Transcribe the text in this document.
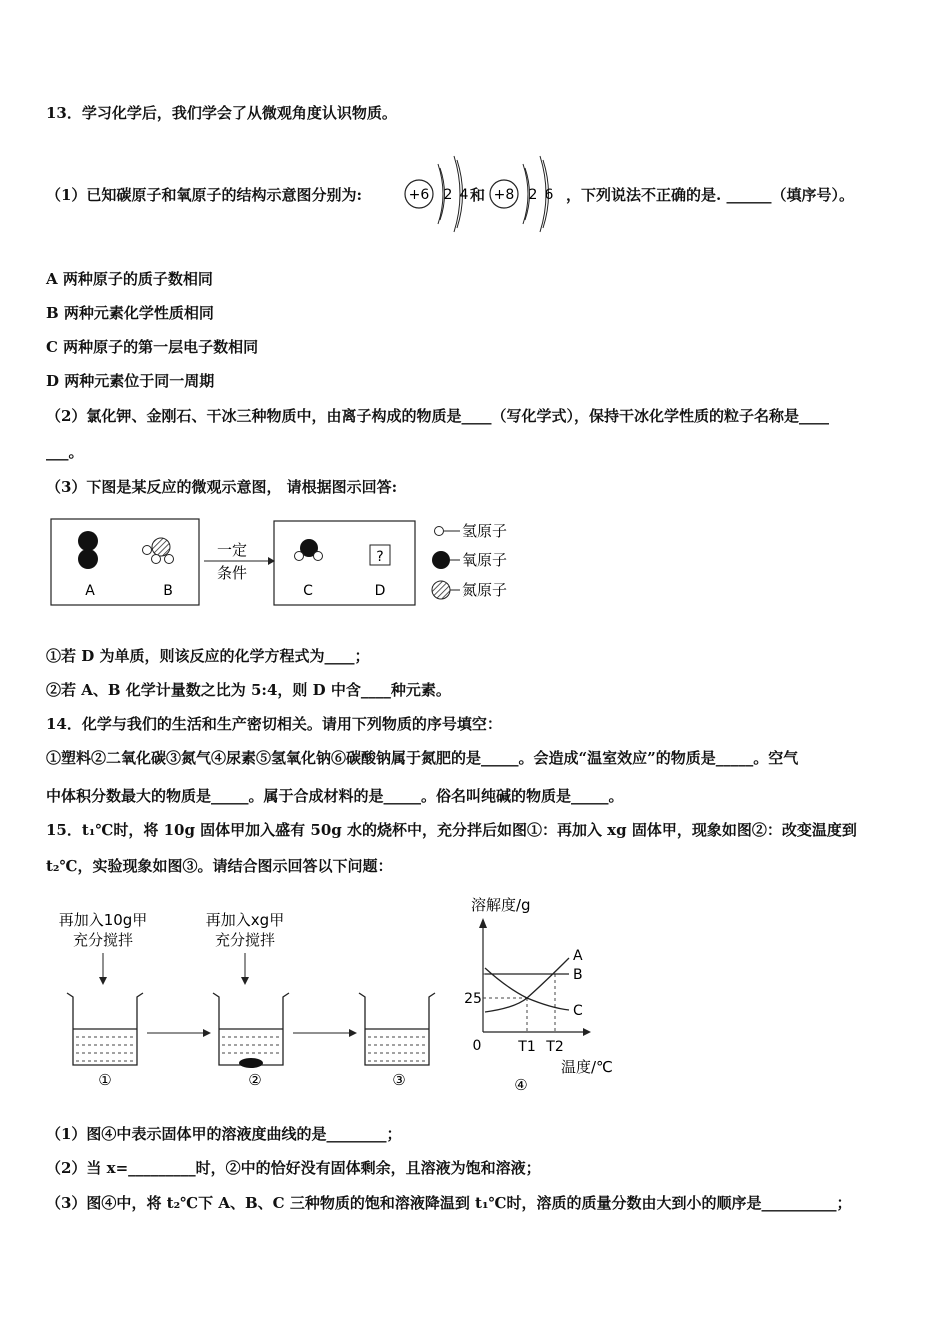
13．学习化学后，我们学会了从微观角度认识物质。
（1）已知碳原子和氧原子的结构示意图分别为:	+6 2 4 和 +8 2 6 ，下列说法不正确的是. ______（填序号）。
A 两种原子的质子数相同
B 两种元素化学性质相同
C 两种原子的第一层电子数相同
D 两种元素位于同一周期
（2）氯化钾、金刚石、干冰三种物质中，由离子构成的物质是____（写化学式），保持干冰化学性质的粒子名称是____
___。
（3）下图是某反应的微观示意图， 请根据图示回答:
A	B
一定
条件
C
?
D
氢原子
氧原子
氮原子
①若 D 为单质，则该反应的化学方程式为____；
②若 A、B 化学计量数之比为 5:4，则 D 中含____种元素。
14．化学与我们的生活和生产密切相关。请用下列物质的序号填空：
①塑料②二氧化碳③氮气④尿素⑤氢氧化钠⑥碳酸钠属于氮肥的是_____。会造成“温室效应”的物质是_____。空气
中体积分数最大的物质是_____。属于合成材料的是_____。俗名叫纯碱的物质是_____。
15．t₁℃时，将 10g 固体甲加入盛有 50g 水的烧杯中，充分拌后如图①：再加入 xg 固体甲，现象如图②：改变温度到
t₂℃，实验现象如图③。请结合图示回答以下问题：
再加入10g甲
充分搅拌
再加入xg甲
充分搅拌
①	②	③
溶解度/g
0
25
T1 T2
A
B
C
温度/℃
④
（1）图④中表示固体甲的溶液度曲线的是________；
（2）当 x=_________时，②中的恰好没有固体剩余，且溶液为饱和溶液；
（3）图④中，将 t₂℃下 A、B、C 三种物质的饱和溶液降温到 t₁℃时，溶质的质量分数由大到小的顺序是__________；
